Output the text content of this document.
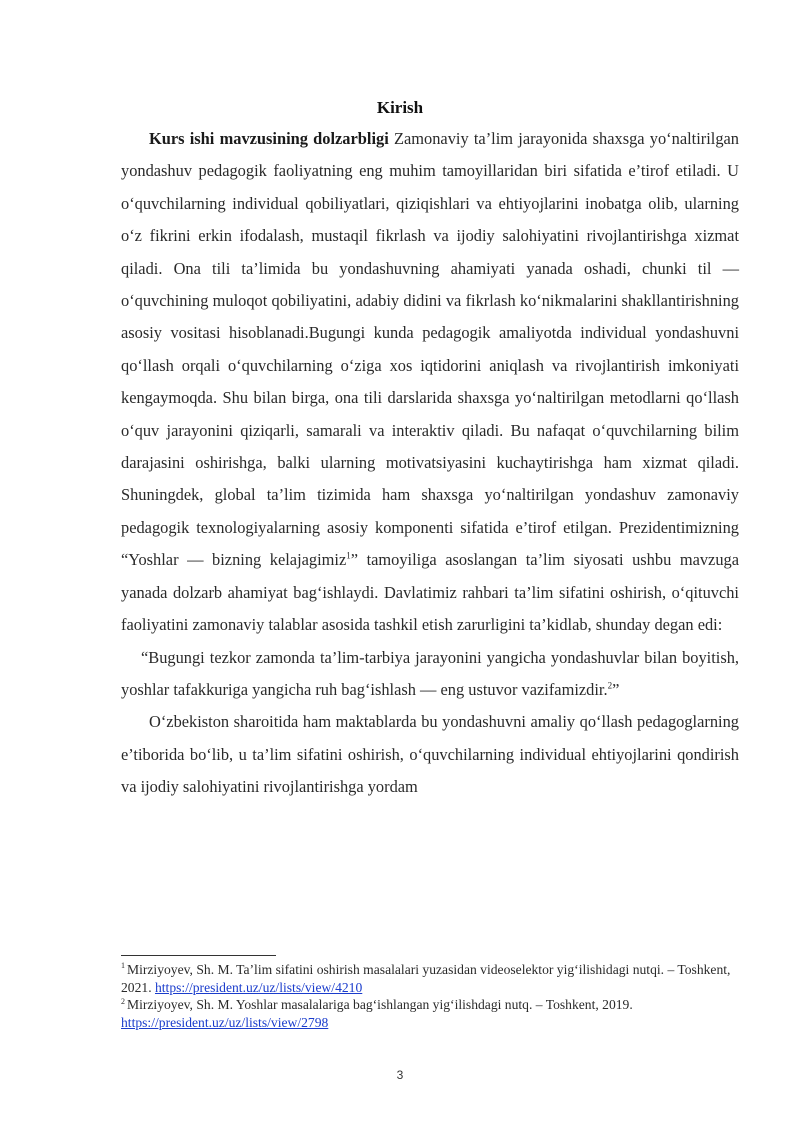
Kirish

Kurs ishi mavzusining dolzarbligi Zamonaviy ta’lim jarayonida shaxsga yo‘naltirilgan yondashuv pedagogik faoliyatning eng muhim tamoyillaridan biri sifatida e’tirof etiladi. U o‘quvchilarning individual qobiliyatlari, qiziqishlari va ehtiyojlarini inobatga olib, ularning o‘z fikrini erkin ifodalash, mustaqil fikrlash va ijodiy salohiyatini rivojlantirishga xizmat qiladi. Ona tili ta’limida bu yondashuvning ahamiyati yanada oshadi, chunki til — o‘quvchining muloqot qobiliyatini, adabiy didini va fikrlash ko‘nikmalarini shakllantirishning asosiy vositasi hisoblanadi.Bugungi kunda pedagogik amaliyotda individual yondashuvni qo‘llash orqali o‘quvchilarning o‘ziga xos iqtidorini aniqlash va rivojlantirish imkoniyati kengaymoqda. Shu bilan birga, ona tili darslarida shaxsga yo‘naltirilgan metodlarni qo‘llash o‘quv jarayonini qiziqarli, samarali va interaktiv qiladi. Bu nafaqat o‘quvchilarning bilim darajasini oshirishga, balki ularning motivatsiyasini kuchaytirishga ham xizmat qiladi. Shuningdek, global ta’lim tizimida ham shaxsga yo‘naltirilgan yondashuv zamonaviy pedagogik texnologiyalarning asosiy komponenti sifatida e’tirof etilgan. Prezidentimizning “Yoshlar — bizning kelajagimiz$^1$” tamoyiliga asoslangan ta’lim siyosati ushbu mavzuga yanada dolzarb ahamiyat bag‘ishlaydi. Davlatimiz rahbari ta’lim sifatini oshirish, o‘qituvchi faoliyatini zamonaviy talablar asosida tashkil etish zarurligini ta’kidlab, shunday degan edi:

“Bugungi tezkor zamonda ta’lim-tarbiya jarayonini yangicha yondashuvlar bilan boyitish, yoshlar tafakkuriga yangicha ruh bag‘ishlash — eng ustuvor vazifamizdir.$^2$”

O‘zbekiston sharoitida ham maktablarda bu yondashuvni amaliy qo‘llash pedagoglarning e’tiborida bo‘lib, u ta’lim sifatini oshirish, o‘quvchilarning individual ehtiyojlarini qondirish va ijodiy salohiyatini rivojlantirishga yordam

$^1$ Mirziyoyev, Sh. M. Ta’lim sifatini oshirish masalalari yuzasidan videoselektor yig‘ilishidagi nutqi. – Toshkent, 2021. https://president.uz/uz/lists/view/4210

$^2$ Mirziyoyev, Sh. M. Yoshlar masalalariga bag‘ishlangan yig‘ilishdagi nutq. – Toshkent, 2019. https://president.uz/uz/lists/view/2798

3
